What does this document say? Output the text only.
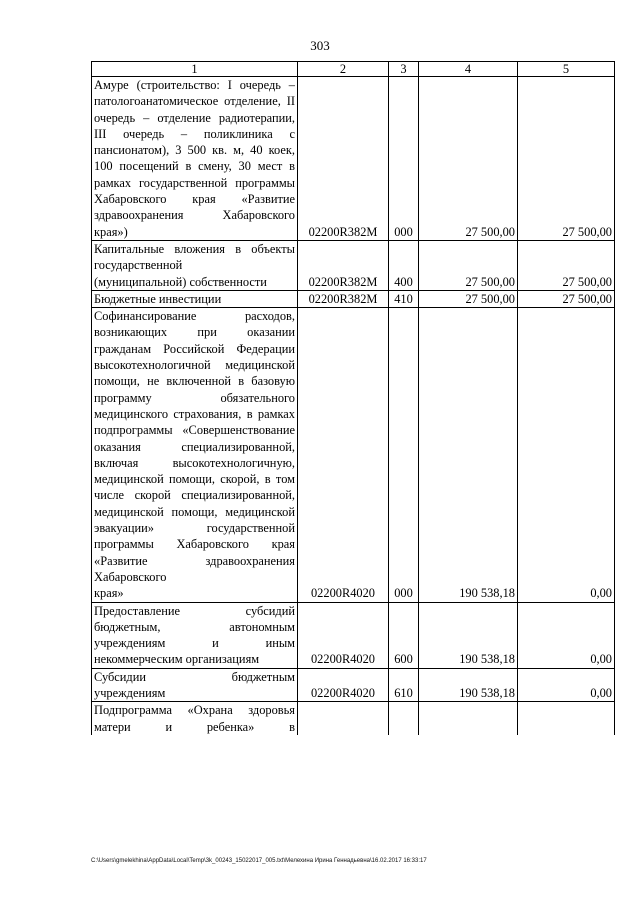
303
1	2	3	4	5
Амуре (строительство: I очередь – патологоанатомическое отделение, II очередь – отделение радиотерапии, III очередь – поликлиника с пансионатом), 3 500 кв. м, 40 коек, 100 посещений в смену, 30 мест в рамках государственной программы Хабаровского края «Развитие здравоохранения Хабаровского
края»)	02200R382M	000	27 500,00	27 500,00
Капитальные вложения в объекты государственной
(муниципальной) собственности	02200R382M	400	27 500,00	27 500,00

Бюджетные инвестиции	02200R382M	410	27 500,00	27 500,00
Софинансирование расходов, возникающих при оказании гражданам Российской Федерации высокотехнологичной медицинской помощи, не включенной в базовую программу обязательного медицинского страхования, в рамках подпрограммы «Совершенствование оказания специализированной, включая высокотехнологичную, медицинской помощи, скорой, в том числе скорой специализированной, медицинской помощи, медицинской эвакуации» государственной программы Хабаровского края «Развитие здравоохранения Хабаровского
края»	02200R4020	000	190 538,18	0,00
Предоставление субсидий бюджетным, автономным учреждениям и иным
некоммерческим организациям	02200R4020	600	190 538,18	0,00
Субсидии бюджетным
учреждениям	02200R4020	610	190 538,18	0,00
Подпрограмма «Охрана здоровья матери и ребенка» в				
C:\Users\gmelekhina\AppData\Local\Temp\3k_00243_15022017_005.txt\Мелехина Ирина Геннадьевна\16.02.2017 16:33:17
